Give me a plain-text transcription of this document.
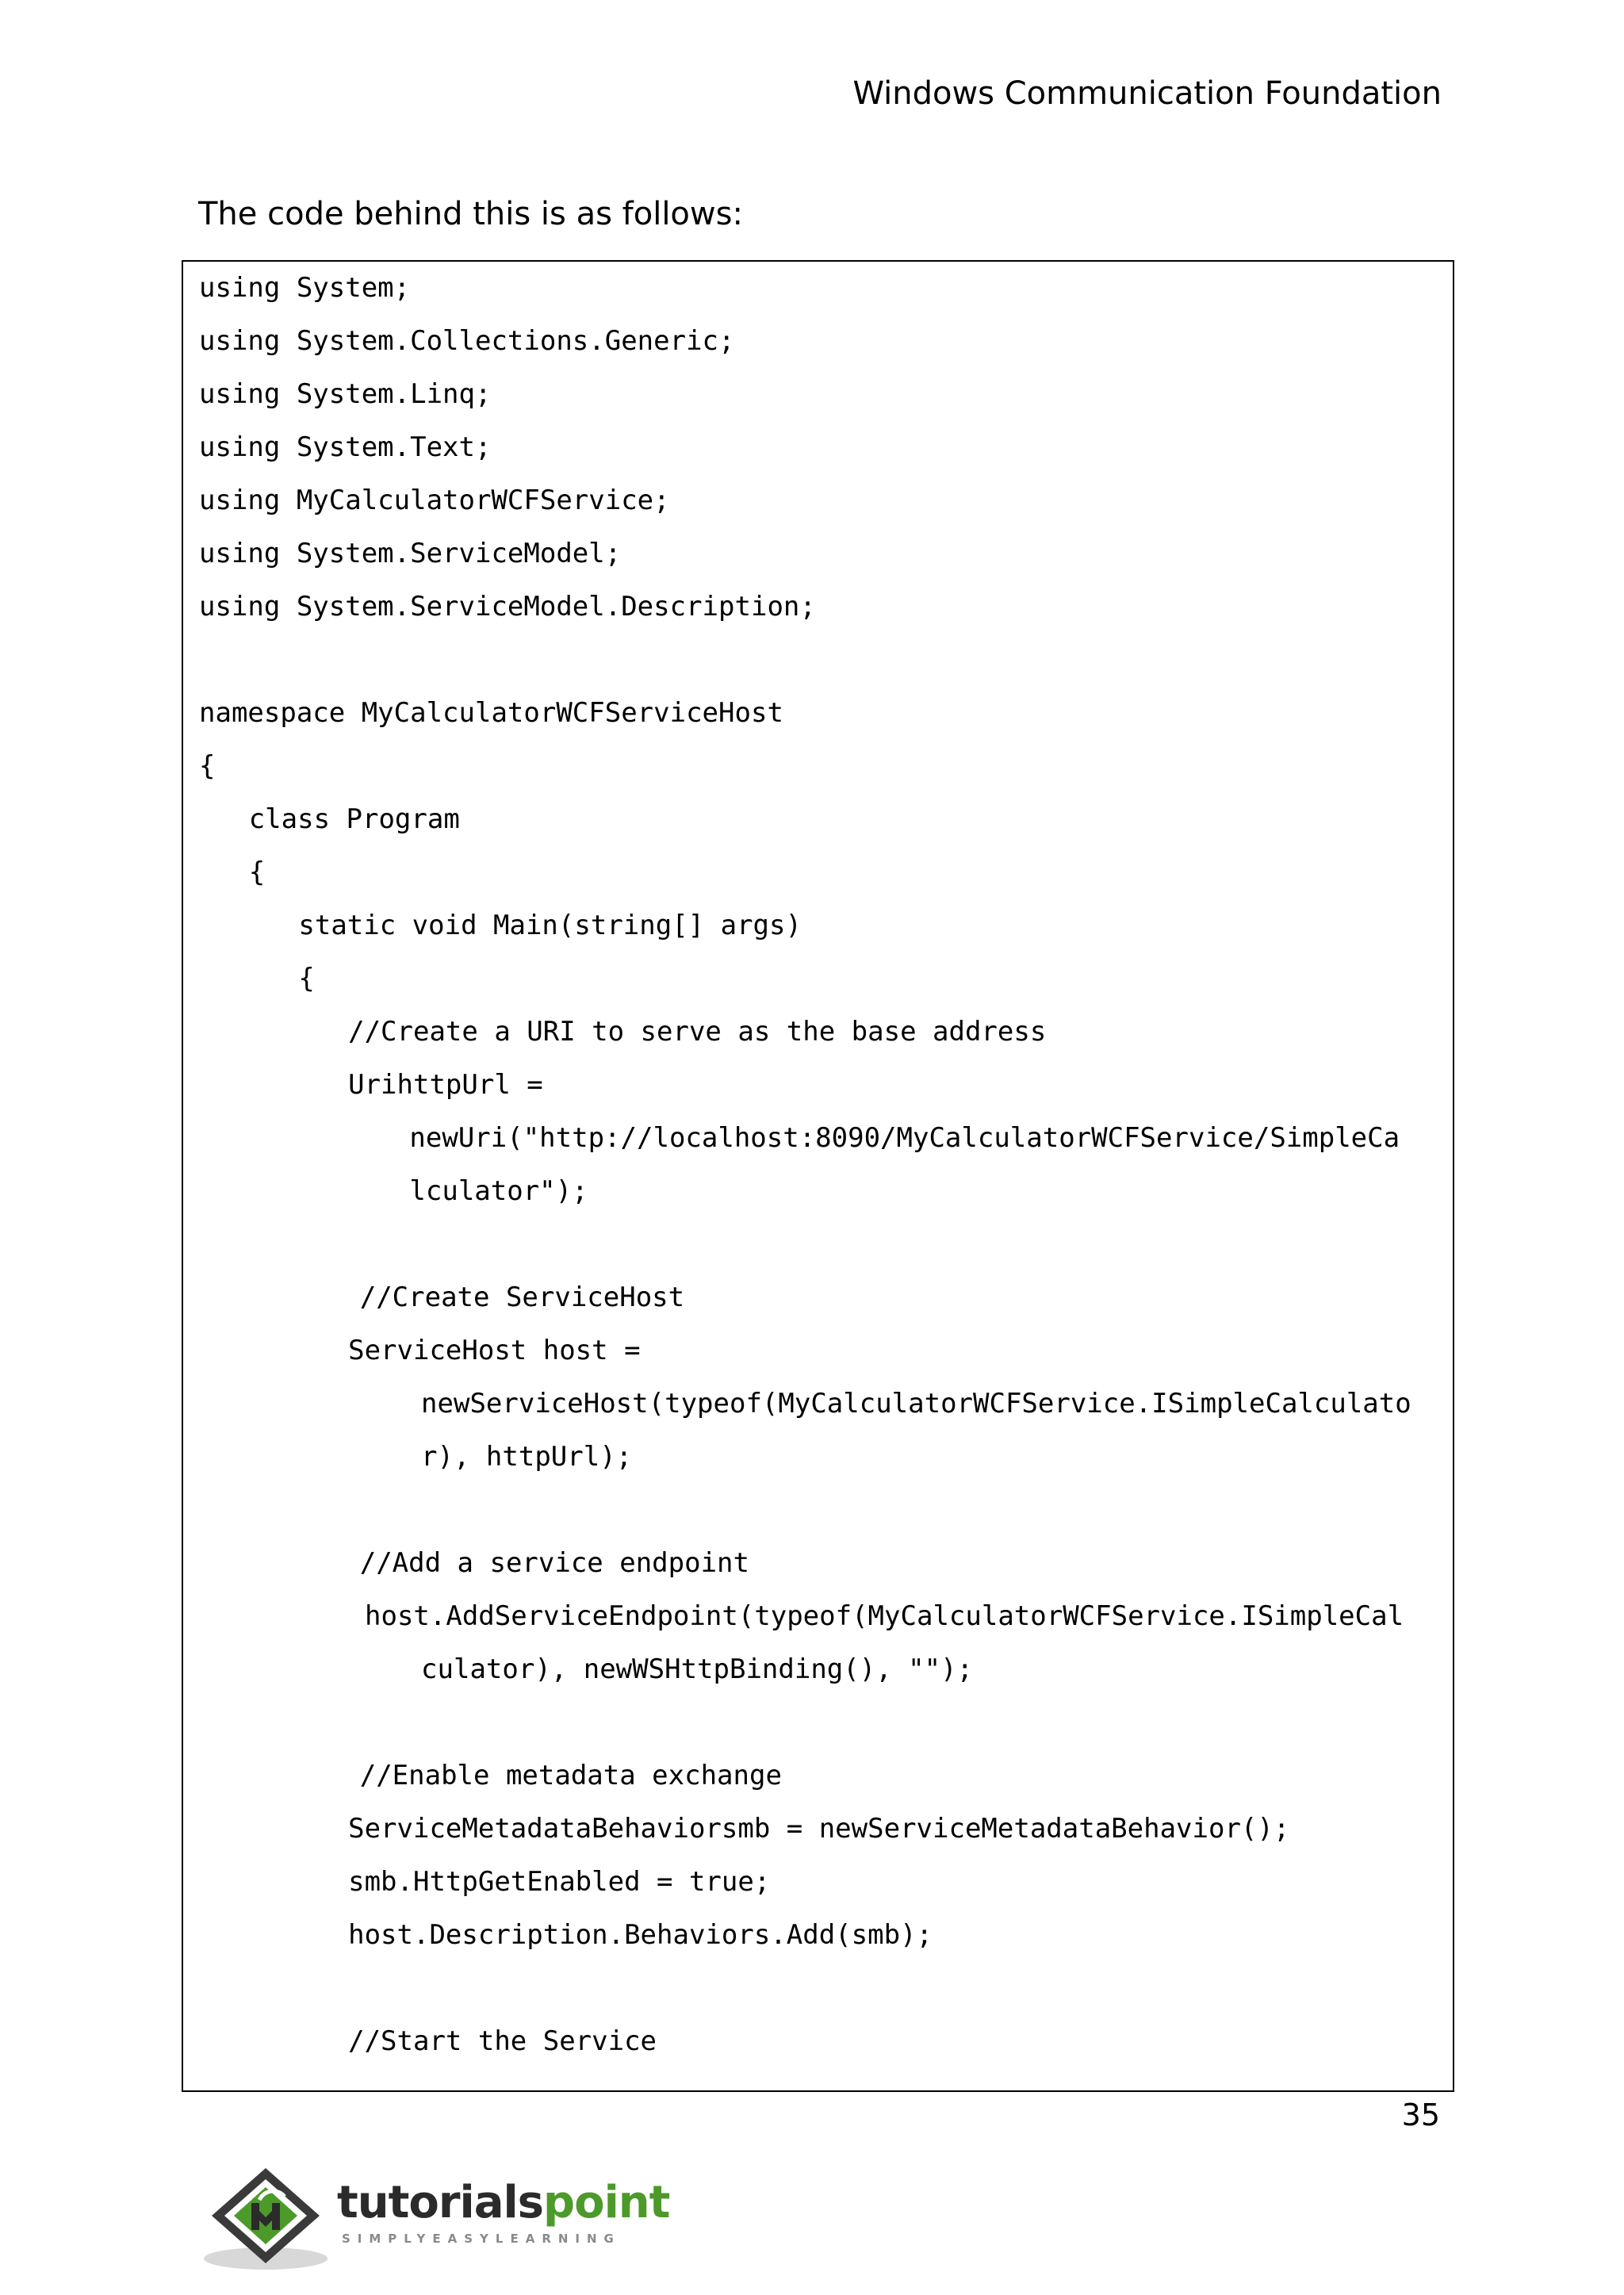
Windows Communication Foundation
The code behind this is as follows:
using System;
using System.Collections.Generic;
using System.Linq;
using System.Text;
using MyCalculatorWCFService;
using System.ServiceModel;
using System.ServiceModel.Description;
namespace MyCalculatorWCFServiceHost
{
class Program
{
static void Main(string[] args)
{
//Create a URI to serve as the base address
UrihttpUrl =
newUri("http://localhost:8090/MyCalculatorWCFService/SimpleCa
lculator");
//Create ServiceHost
ServiceHost host =
newServiceHost(typeof(MyCalculatorWCFService.ISimpleCalculato
r), httpUrl);
//Add a service endpoint
host.AddServiceEndpoint(typeof(MyCalculatorWCFService.ISimpleCal
culator), newWSHttpBinding(), "");
//Enable metadata exchange
ServiceMetadataBehaviorsmb = newServiceMetadataBehavior();
smb.HttpGetEnabled = true;
host.Description.Behaviors.Add(smb);
//Start the Service
35
tutorialspoint
SIMPLYEASYLEARNING
